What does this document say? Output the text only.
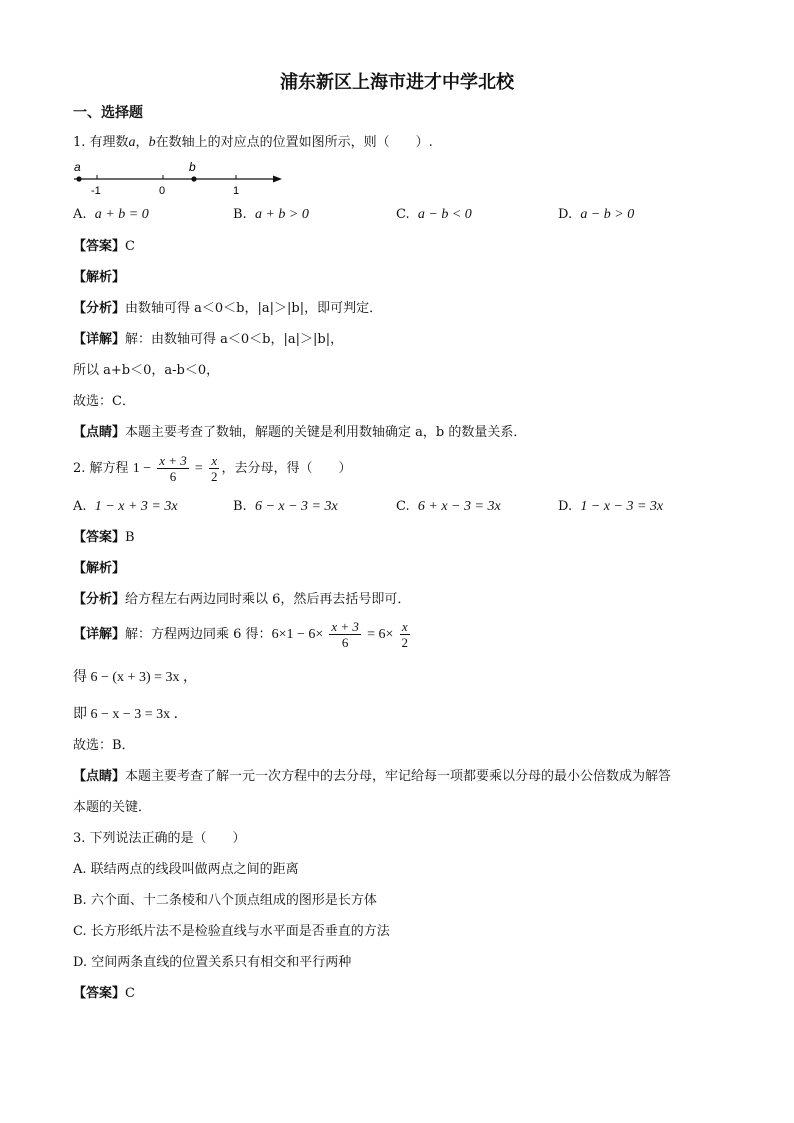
浦东新区上海市进才中学北校
一、选择题
1. 有理数a，b在数轴上的对应点的位置如图所示，则（　　）.
a	b
-1	0	1
A. a + b = 0	B. a + b > 0	C. a − b < 0	D. a − b > 0
【答案】C
【解析】
【分析】由数轴可得 a＜0＜b，|a|＞|b|，即可判定．
【详解】解：由数轴可得 a＜0＜b，|a|＞|b|，
所以 a+b＜0，a-b＜0，
故选：C．
【点睛】本题主要考查了数轴，解题的关键是利用数轴确定 a，b 的数量关系．
2. 解方程 $1 - \frac{x + 3}{6} = \frac{x}{2}$ ，去分母，得（　　）
A. 1 − x + 3 = 3x	B. 6 − x − 3 = 3x	C. 6 + x − 3 = 3x	D. 1 − x − 3 = 3x
【答案】B
【解析】
【分析】给方程左右两边同时乘以 6，然后再去括号即可．
【详解】解：方程两边同乘 6 得：$6\times 1 - 6\times \frac{x + 3}{6} = 6\times \frac{x}{2}$
得 6 − (x + 3) = 3x ，
即 6 − x − 3 = 3x ．
故选：B．
【点睛】本题主要考查了解一元一次方程中的去分母，牢记给每一项都要乘以分母的最小公倍数成为解答
本题的关键．
3. 下列说法正确的是（　　）
A. 联结两点的线段叫做两点之间的距离
B. 六个面、十二条棱和八个顶点组成的图形是长方体
C. 长方形纸片法不是检验直线与水平面是否垂直的方法
D. 空间两条直线的位置关系只有相交和平行两种
【答案】C
